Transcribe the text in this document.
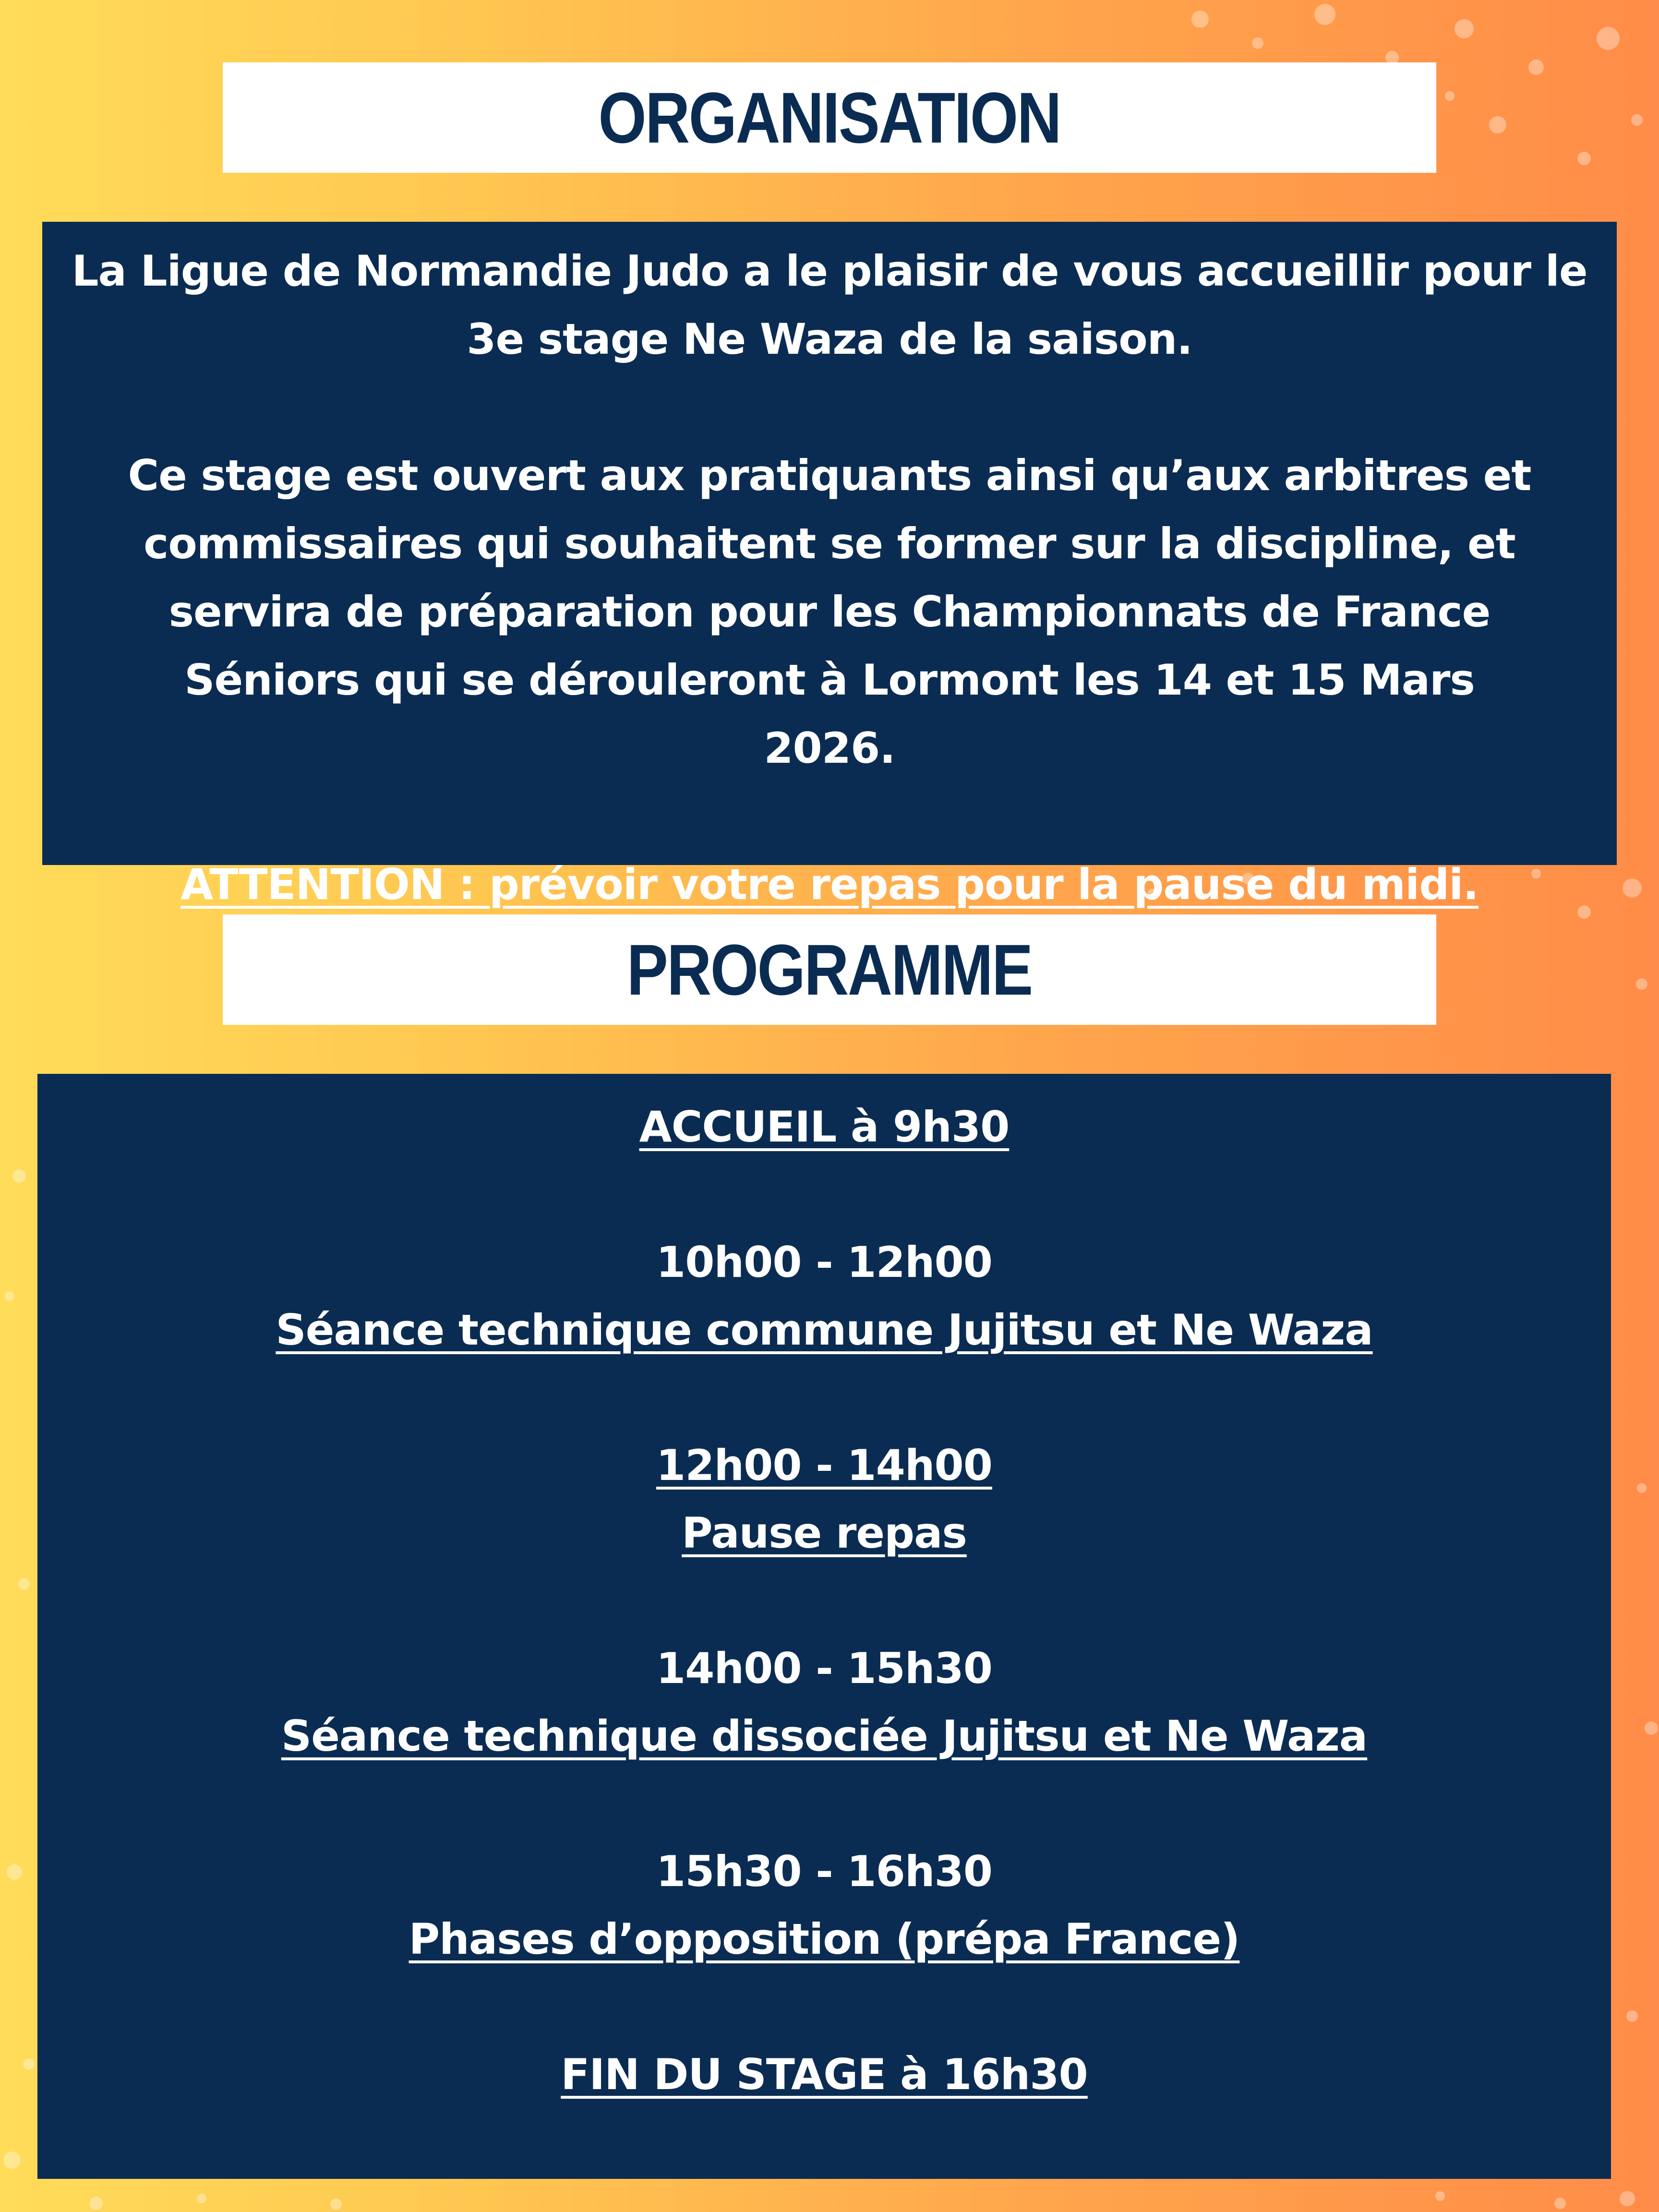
ORGANISATION

La Ligue de Normandie Judo a le plaisir de vous accueillir pour le 3e stage Ne Waza de la saison.

Ce stage est ouvert aux pratiquants ainsi qu’aux arbitres et commissaires qui souhaitent se former sur la discipline, et servira de préparation pour les Championnats de France Séniors qui se dérouleront à Lormont les 14 et 15 Mars 2026.

ATTENTION : prévoir votre repas pour la pause du midi.

PROGRAMME
ACCUEIL à 9h30
10h00 - 12h00
Séance technique commune Jujitsu et Ne Waza
12h00 - 14h00
Pause repas
14h00 - 15h30
Séance technique dissociée Jujitsu et Ne Waza
15h30 - 16h30
Phases d’opposition (prépa France)
FIN DU STAGE à 16h30
